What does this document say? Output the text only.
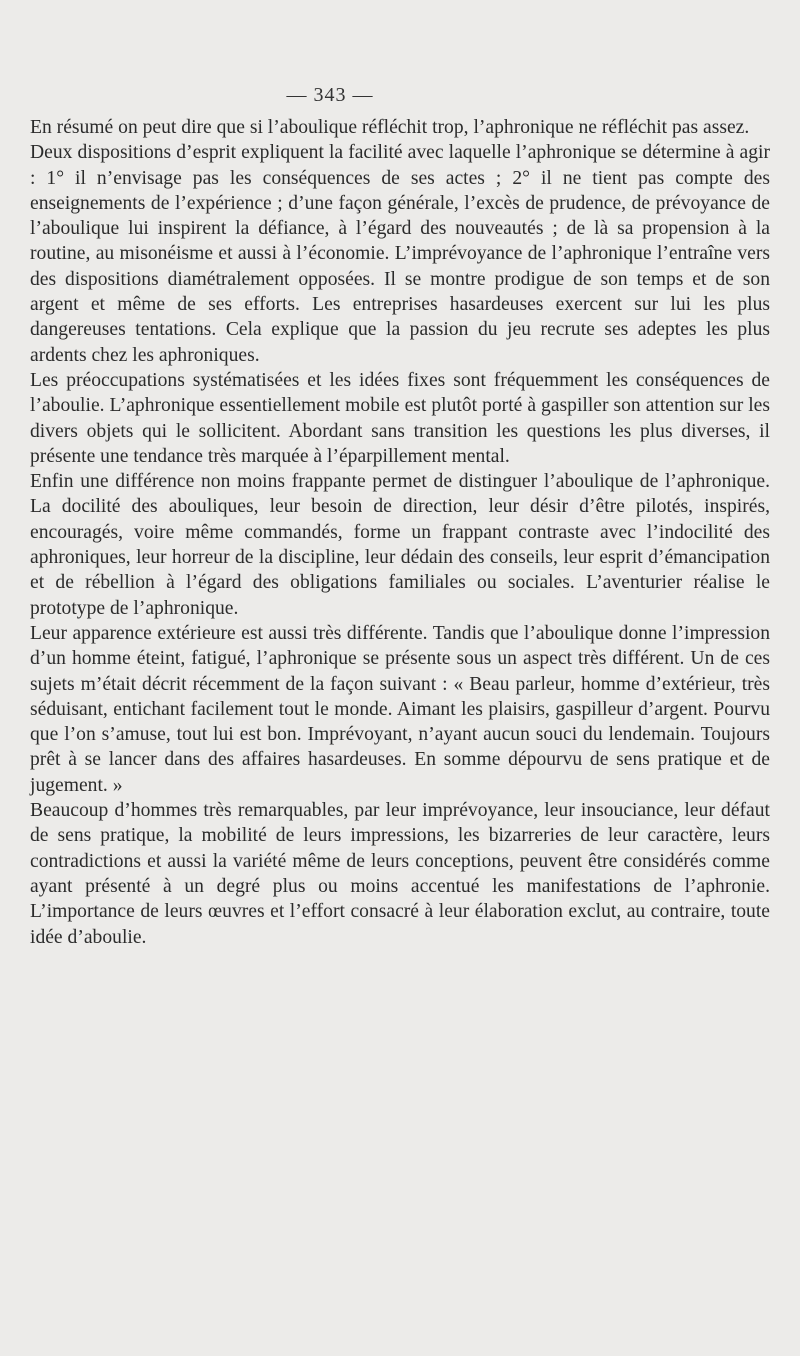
— 343 —

En résumé on peut dire que si l’aboulique réfléchit trop, l’aphronique ne réfléchit pas assez.

Deux dispositions d’esprit expliquent la facilité avec laquelle l’aphronique se détermine à agir : 1° il n’envisage pas les conséquences de ses actes ; 2° il ne tient pas compte des enseignements de l’expérience ; d’une façon générale, l’excès de prudence, de prévoyance de l’aboulique lui inspirent la défiance, à l’égard des nouveautés ; de là sa propension à la routine, au misonéisme et aussi à l’économie. L’imprévoyance de l’aphronique l’entraîne vers des dispositions diamétralement opposées. Il se montre prodigue de son temps et de son argent et même de ses efforts. Les entreprises hasardeuses exercent sur lui les plus dangereuses tentations. Cela explique que la passion du jeu recrute ses adeptes les plus ardents chez les aphroniques.

Les préoccupations systématisées et les idées fixes sont fréquemment les conséquences de l’aboulie. L’aphronique essentiellement mobile est plutôt porté à gaspiller son attention sur les divers objets qui le sollicitent. Abordant sans transition les questions les plus diverses, il présente une tendance très marquée à l’éparpillement mental.

Enfin une différence non moins frappante permet de distinguer l’aboulique de l’aphronique. La docilité des abouliques, leur besoin de direction, leur désir d’être pilotés, inspirés, encouragés, voire même commandés, forme un frappant contraste avec l’indocilité des aphroniques, leur horreur de la discipline, leur dédain des conseils, leur esprit d’émancipation et de rébellion à l’égard des obligations familiales ou sociales. L’aventurier réalise le prototype de l’aphronique.

Leur apparence extérieure est aussi très différente. Tandis que l’aboulique donne l’impression d’un homme éteint, fatigué, l’aphronique se présente sous un aspect très différent. Un de ces sujets m’était décrit récemment de la façon suivant : « Beau parleur, homme d’extérieur, très séduisant, entichant facilement tout le monde. Aimant les plaisirs, gaspilleur d’argent. Pourvu que l’on s’amuse, tout lui est bon. Imprévoyant, n’ayant aucun souci du lendemain. Toujours prêt à se lancer dans des affaires hasardeuses. En somme dépourvu de sens pratique et de jugement. »

Beaucoup d’hommes très remarquables, par leur imprévoyance, leur insouciance, leur défaut de sens pratique, la mobilité de leurs impressions, les bizarreries de leur caractère, leurs contradictions et aussi la variété même de leurs conceptions, peuvent être considérés comme ayant présenté à un degré plus ou moins accentué les manifestations de l’aphronie. L’importance de leurs œuvres et l’effort consacré à leur élaboration exclut, au contraire, toute idée d’aboulie.
